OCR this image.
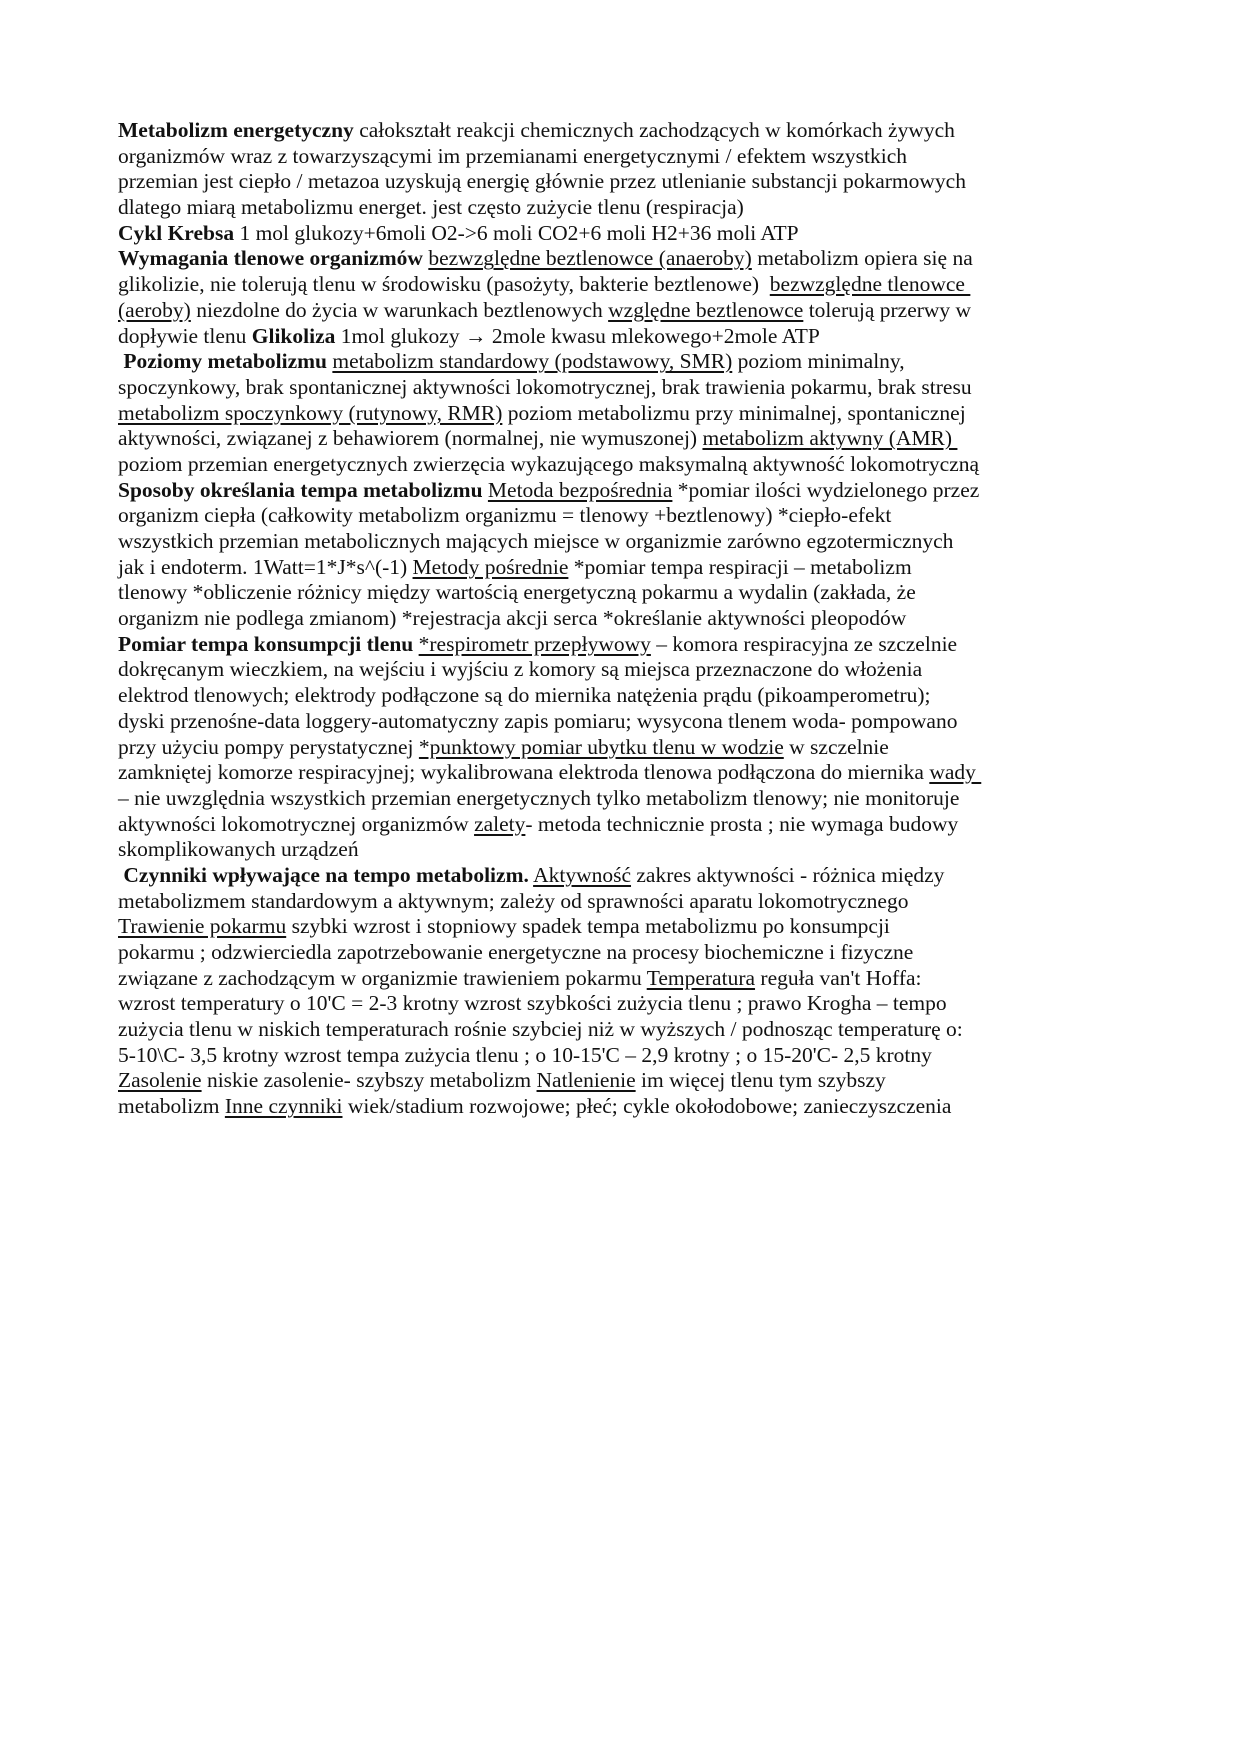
Metabolizm energetyczny całokształt reakcji chemicznych zachodzących w komórkach żywych
organizmów wraz z towarzyszącymi im przemianami energetycznymi / efektem wszystkich
przemian jest ciepło / metazoa uzyskują energię głównie przez utlenianie substancji pokarmowych
dlatego miarą metabolizmu energet. jest często zużycie tlenu (respiracja)
Cykl Krebsa 1 mol glukozy+6moli O2->6 moli CO2+6 moli H2+36 moli ATP
Wymagania tlenowe organizmów bezwzględne beztlenowce (anaeroby) metabolizm opiera się na
glikolizie, nie tolerują tlenu w środowisku (pasożyty, bakterie beztlenowe)  bezwzględne tlenowce
(aeroby) niezdolne do życia w warunkach beztlenowych względne beztlenowce tolerują przerwy w
dopływie tlenu Glikoliza 1mol glukozy → 2mole kwasu mlekowego+2mole ATP
Poziomy metabolizmu metabolizm standardowy (podstawowy, SMR) poziom minimalny,
spoczynkowy, brak spontanicznej aktywności lokomotrycznej, brak trawienia pokarmu, brak stresu
metabolizm spoczynkowy (rutynowy, RMR) poziom metabolizmu przy minimalnej, spontanicznej
aktywności, związanej z behawiorem (normalnej, nie wymuszonej) metabolizm aktywny (AMR)
poziom przemian energetycznych zwierzęcia wykazującego maksymalną aktywność lokomotryczną
Sposoby określania tempa metabolizmu Metoda bezpośrednia *pomiar ilości wydzielonego przez
organizm ciepła (całkowity metabolizm organizmu = tlenowy +beztlenowy) *ciepło-efekt
wszystkich przemian metabolicznych mających miejsce w organizmie zarówno egzotermicznych
jak i endoterm. 1Watt=1*J*s^(-1) Metody pośrednie *pomiar tempa respiracji – metabolizm
tlenowy *obliczenie różnicy między wartością energetyczną pokarmu a wydalin (zakłada, że
organizm nie podlega zmianom) *rejestracja akcji serca *określanie aktywności pleopodów
Pomiar tempa konsumpcji tlenu *respirometr przepływowy – komora respiracyjna ze szczelnie
dokręcanym wieczkiem, na wejściu i wyjściu z komory są miejsca przeznaczone do włożenia
elektrod tlenowych; elektrody podłączone są do miernika natężenia prądu (pikoamperometru);
dyski przenośne-data loggery-automatyczny zapis pomiaru; wysycona tlenem woda- pompowano
przy użyciu pompy perystatycznej *punktowy pomiar ubytku tlenu w wodzie w szczelnie
zamkniętej komorze respiracyjnej; wykalibrowana elektroda tlenowa podłączona do miernika wady
– nie uwzględnia wszystkich przemian energetycznych tylko metabolizm tlenowy; nie monitoruje
aktywności lokomotrycznej organizmów zalety- metoda technicznie prosta ; nie wymaga budowy
skomplikowanych urządzeń
Czynniki wpływające na tempo metabolizm. Aktywność zakres aktywności - różnica między
metabolizmem standardowym a aktywnym; zależy od sprawności aparatu lokomotrycznego
Trawienie pokarmu szybki wzrost i stopniowy spadek tempa metabolizmu po konsumpcji
pokarmu ; odzwierciedla zapotrzebowanie energetyczne na procesy biochemiczne i fizyczne
związane z zachodzącym w organizmie trawieniem pokarmu Temperatura reguła van't Hoffa:
wzrost temperatury o 10'C = 2-3 krotny wzrost szybkości zużycia tlenu ; prawo Krogha – tempo
zużycia tlenu w niskich temperaturach rośnie szybciej niż w wyższych / podnosząc temperaturę o:
5-10\C- 3,5 krotny wzrost tempa zużycia tlenu ; o 10-15'C – 2,9 krotny ; o 15-20'C- 2,5 krotny
Zasolenie niskie zasolenie- szybszy metabolizm Natlenienie im więcej tlenu tym szybszy
metabolizm Inne czynniki wiek/stadium rozwojowe; płeć; cykle okołodobowe; zanieczyszczenia
